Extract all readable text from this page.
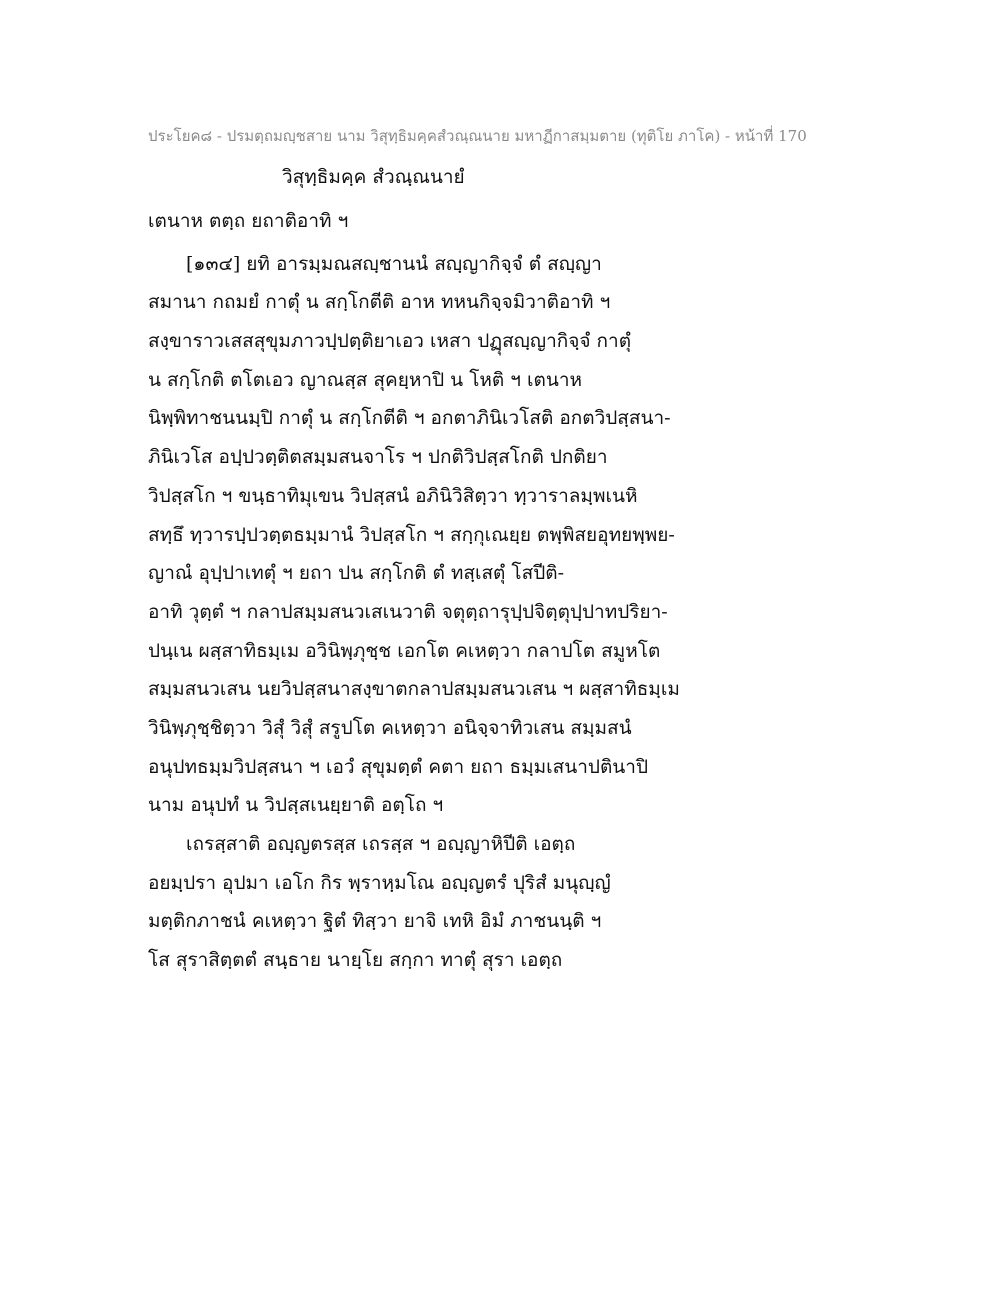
ประโยค๘ - ปรมตฺถมญฺชสาย นาม วิสุทฺธิมคฺคสํวณฺณนาย มหาฏีกาสมฺมตาย (ทุติโย ภาโค) - หน้าที่ 170
วิสุทฺธิมคฺค สํวณฺณนายํ
เตนาห ตตฺถ ยถาติอาทิ ฯ
[๑๓๔] ยทิ อารมฺมณสญฺชานนํ สญฺญากิจฺจํ ตํ สญฺญา
สมานา กถมยํ กาตุํ น สกฺโกตีติ อาห ทหนกิจฺจมิวาติอาทิ ฯ
สงฺขาราวเสสสุขุมภาวปฺปตฺติยาเอว เหสา ปฏุสญฺญากิจฺจํ กาตุํ
น สกฺโกติ ตโตเอว ญาณสฺส สุคยฺหาปิ น โหติ ฯ เตนาห
นิพฺพิทาชนนมฺปิ กาตุํ น สกฺโกตีติ ฯ อกตาภินิเวโสติ อกตวิปสฺสนา-
ภินิเวโส อปฺปวตฺติตสมฺมสนจาโร ฯ ปกติวิปสฺสโกติ ปกติยา
วิปสฺสโก ฯ ขนฺธาทิมุเขน วิปสฺสนํ อภินิวิสิตฺวา ทฺวาราลมฺพเนหิ
สทฺธึ ทฺวารปฺปวตฺตธมฺมานํ วิปสฺสโก ฯ สกฺกุเณยฺย ตพฺพิสยอุทยพฺพย-
ญาณํ อุปฺปาเทตุํ ฯ ยถา ปน สกฺโกติ ตํ ทสฺเสตุํ โสปีติ-
อาทิ วุตฺตํ ฯ กลาปสมฺมสนวเสเนวาติ จตุตฺถารุปฺปจิตฺตุปฺปาทปริยา-
ปนฺเน ผสฺสาทิธมฺเม อวินิพฺภุชฺช เอกโต คเหตฺวา กลาปโต สมูหโต
สมฺมสนวเสน นยวิปสฺสนาสงฺขาตกลาปสมฺมสนวเสน ฯ ผสฺสาทิธมฺเม
วินิพฺภุชฺชิตฺวา วิสุํ วิสุํ สรูปโต คเหตฺวา อนิจฺจาทิวเสน สมฺมสนํ
อนุปทธมฺมวิปสฺสนา ฯ เอวํ สุขุมตฺตํ คตา ยถา ธมฺมเสนาปตินาปิ
นาม อนุปทํ น วิปสฺสเนยฺยาติ อตฺโถ ฯ
เถรสฺสาติ อญฺญตรสฺส เถรสฺส ฯ อญฺญาหิปีติ เอตฺถ
อยมฺปรา อุปมา เอโก กิร พฺราหฺมโณ อญฺญตรํ ปุริสํ มนุญฺญํ
มตฺติกภาชนํ คเหตฺวา ฐิตํ ทิสฺวา ยาจิ เทหิ อิมํ ภาชนนฺติ ฯ
โส สุราสิตฺตตํ สนฺธาย นายฺโย สกฺกา ทาตุํ สุรา เอตฺถ
